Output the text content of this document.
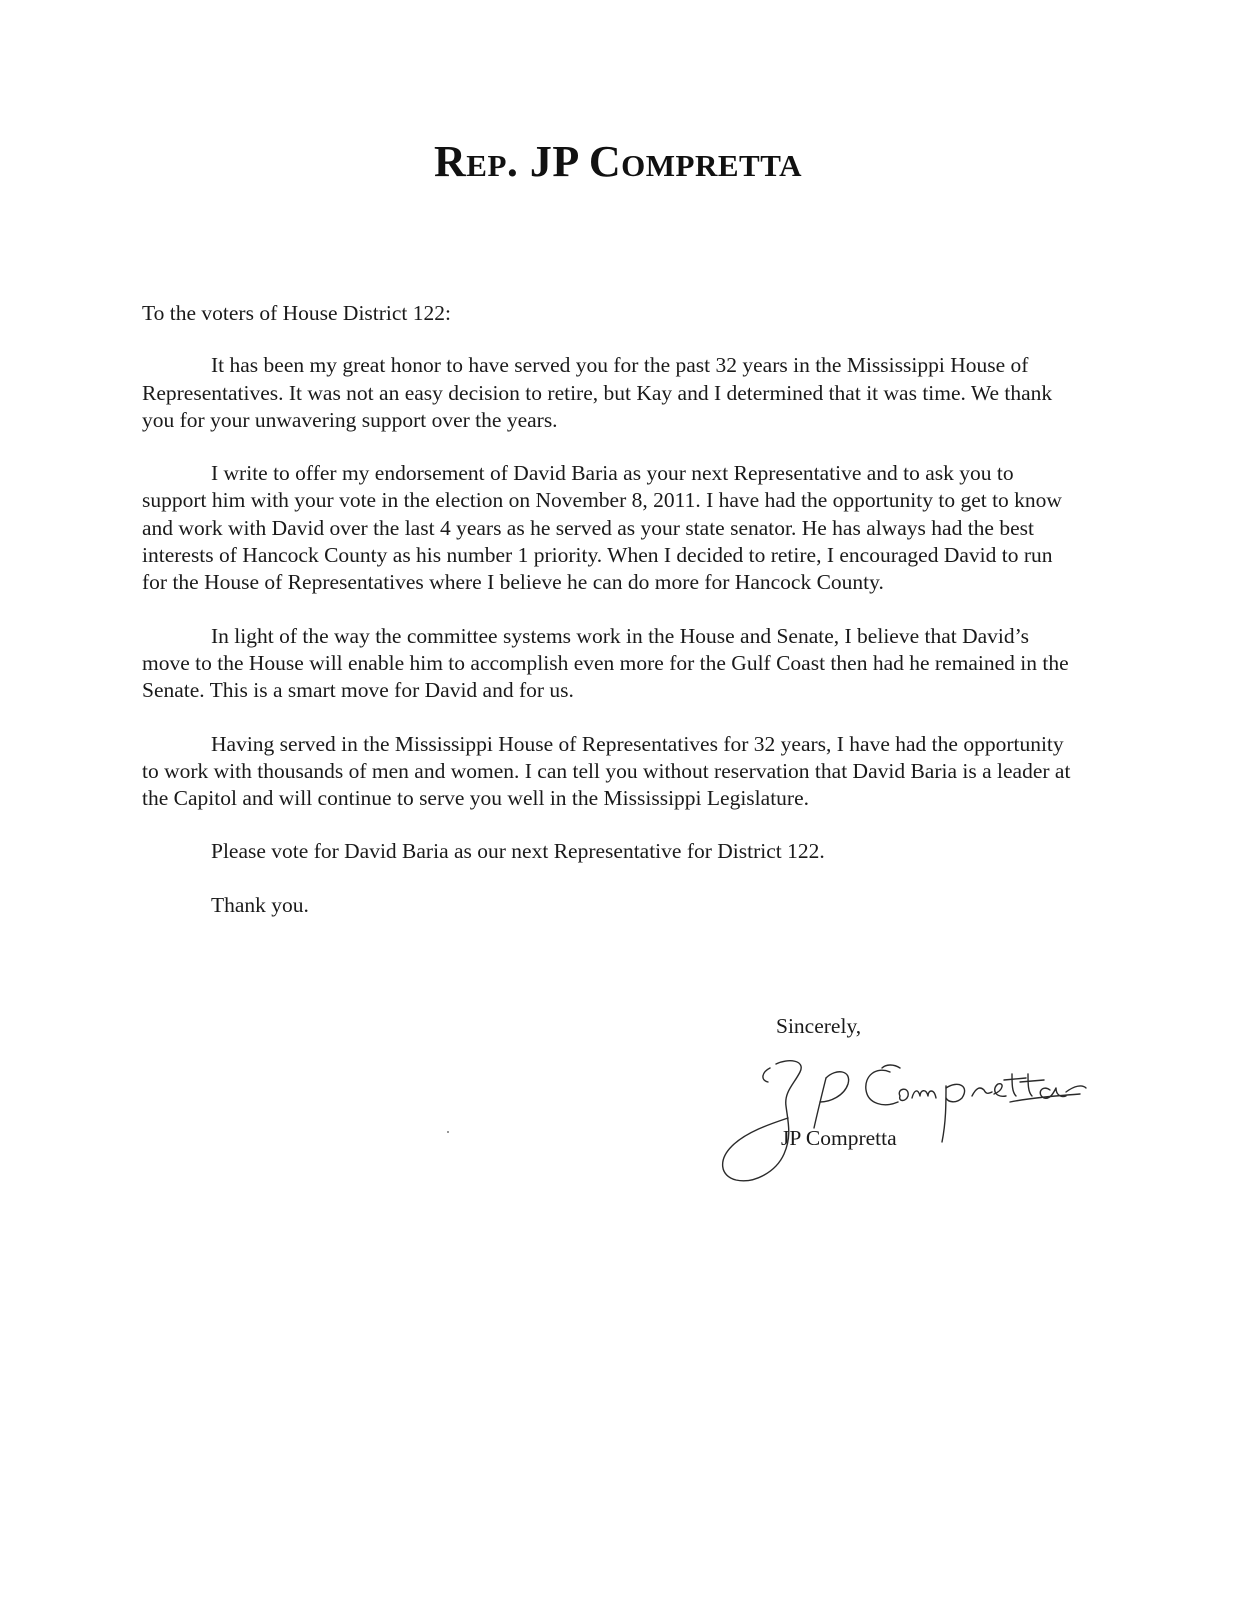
Rep. JP Compretta

To the voters of House District 122:

It has been my great honor to have served you for the past 32 years in the Mississippi House of Representatives. It was not an easy decision to retire, but Kay and I determined that it was time. We thank you for your unwavering support over the years.

I write to offer my endorsement of David Baria as your next Representative and to ask you to support him with your vote in the election on November 8, 2011. I have had the opportunity to get to know and work with David over the last 4 years as he served as your state senator. He has always had the best interests of Hancock County as his number 1 priority. When I decided to retire, I encouraged David to run for the House of Representatives where I believe he can do more for Hancock County.

In light of the way the committee systems work in the House and Senate, I believe that David’s move to the House will enable him to accomplish even more for the Gulf Coast then had he remained in the Senate. This is a smart move for David and for us.

Having served in the Mississippi House of Representatives for 32 years, I have had the opportunity to work with thousands of men and women. I can tell you without reservation that David Baria is a leader at the Capitol and will continue to serve you well in the Mississippi Legislature.

Please vote for David Baria as our next Representative for District 122.

Thank you.

Sincerely,
JP Compretta
